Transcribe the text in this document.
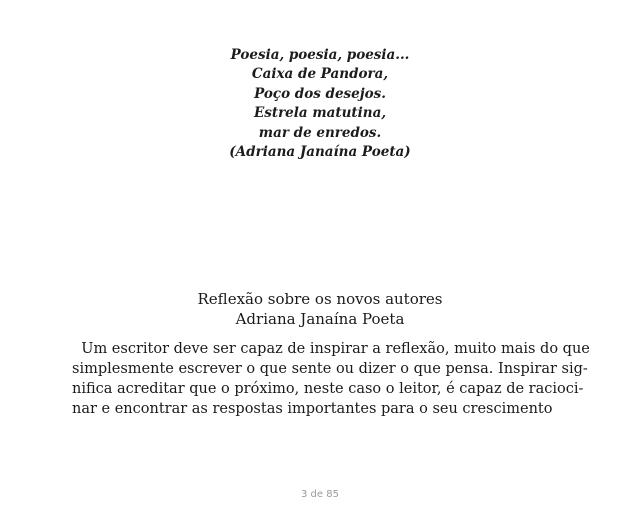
Poesia, poesia, poesia...
Caixa de Pandora,
Poço dos desejos.
Estrela matutina,
mar de enredos.
(Adriana Janaína Poeta)
Reflexão sobre os novos autores
Adriana Janaína Poeta
Um escritor deve ser capaz de inspirar a reflexão, muito mais do que
simplesmente escrever o que sente ou dizer o que pensa. Inspirar sig-
nifica acreditar que o próximo, neste caso o leitor, é capaz de racioci-
nar e encontrar as respostas importantes para o seu crescimento
3 de 85
